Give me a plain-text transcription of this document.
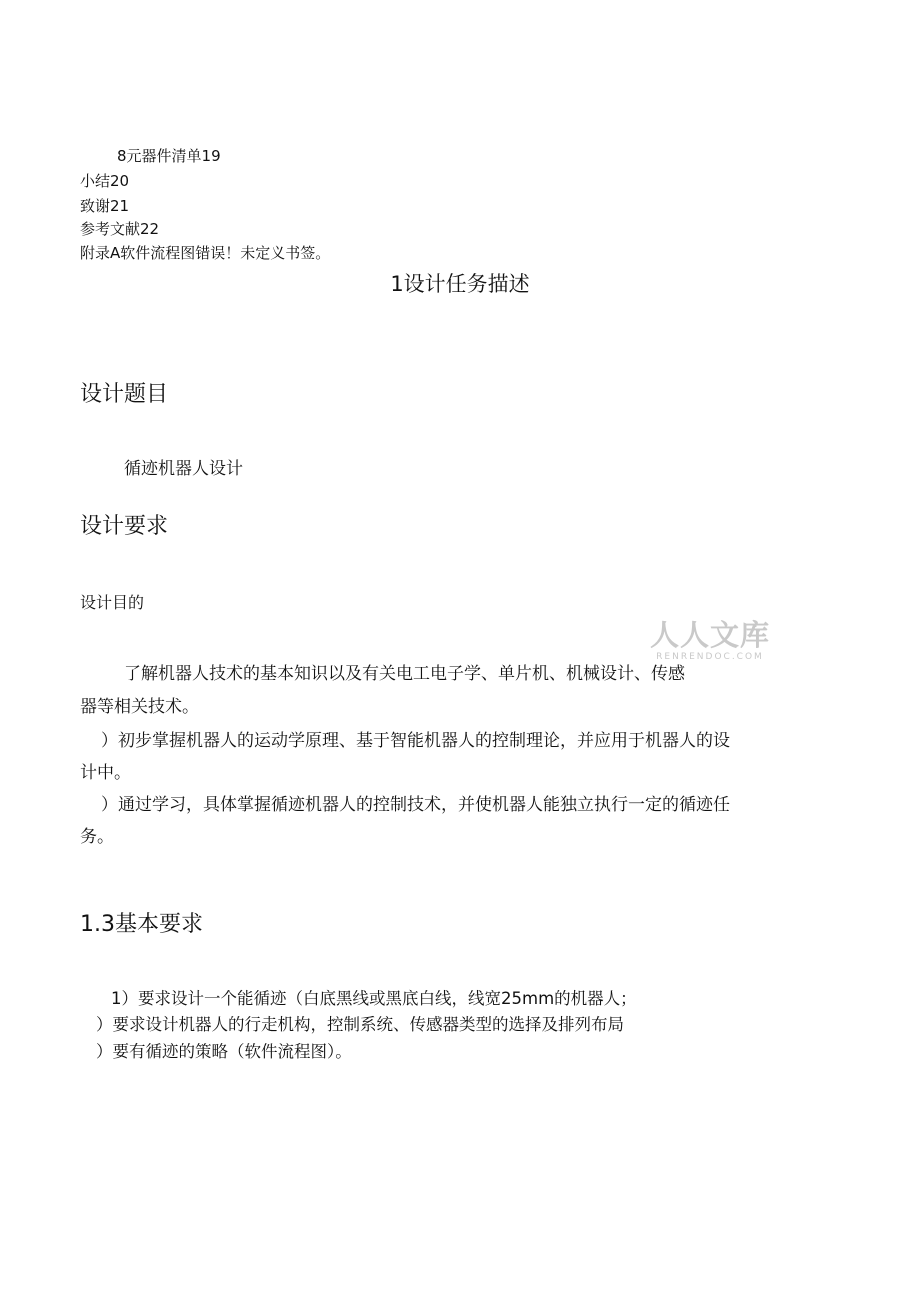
8元器件清单19
小结20
致谢21
参考文献22
附录A软件流程图错误！未定义书签。
1设计任务描述
设计题目
循迹机器人设计
设计要求
设计目的
人人文库
RENRENDOC.COM
了解机器人技术的基本知识以及有关电工电子学、单片机、机械设计、传感
器等相关技术。
）初步掌握机器人的运动学原理、基于智能机器人的控制理论，并应用于机器人的设
计中。
）通过学习，具体掌握循迹机器人的控制技术，并使机器人能独立执行一定的循迹任
务。
1.3基本要求
1）要求设计一个能循迹（白底黑线或黑底白线，线宽25mm的机器人；
）要求设计机器人的行走机构，控制系统、传感器类型的选择及排列布局
）要有循迹的策略（软件流程图）。
